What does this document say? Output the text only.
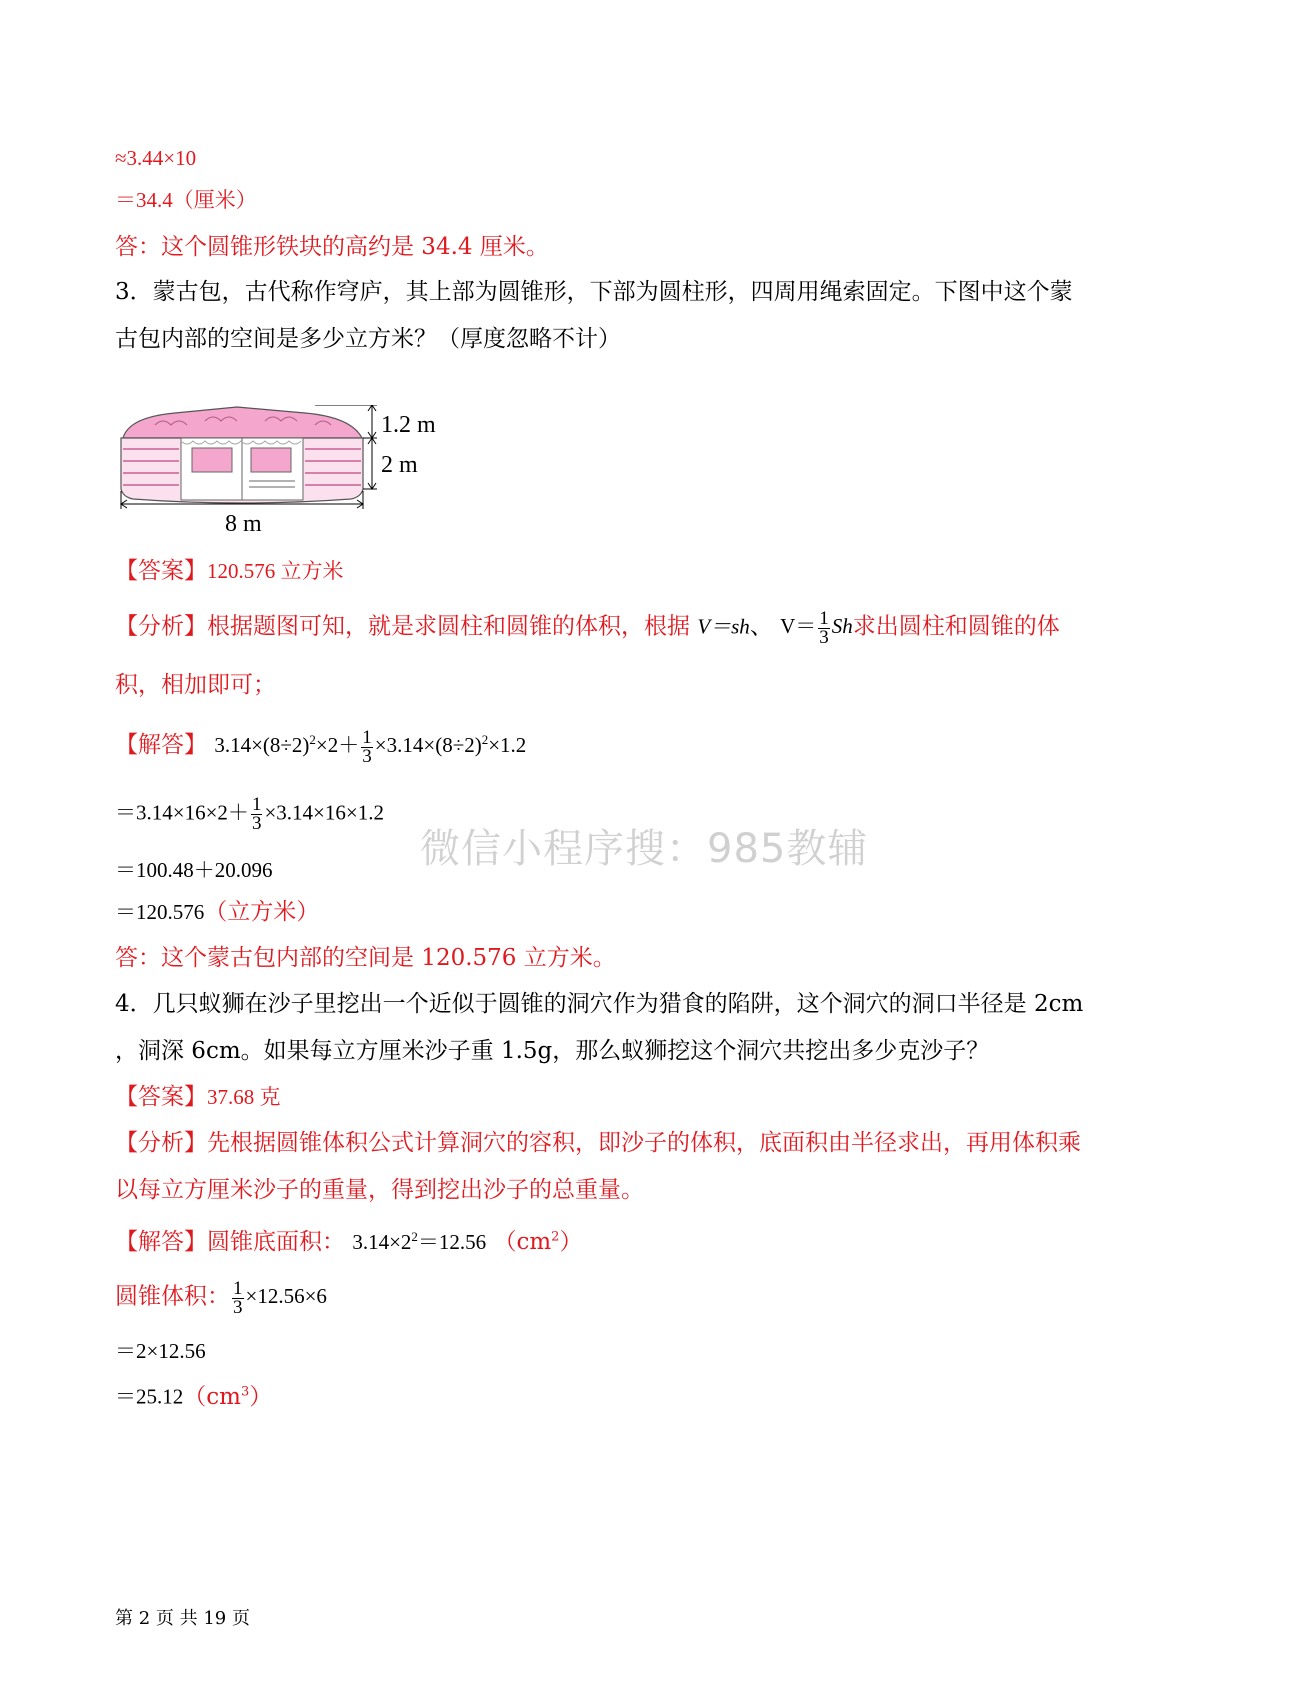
≈3.44×10
＝34.4（厘米）
答：这个圆锥形铁块的高约是 34.4 厘米。
3．蒙古包，古代称作穹庐，其上部为圆锥形，下部为圆柱形，四周用绳索固定。下图中这个蒙
古包内部的空间是多少立方米？（厚度忽略不计）
1.2 m
2 m
8 m
【答案】120.576 立方米
【分析】根据题图可知，就是求圆柱和圆锥的体积，根据 V＝sh、 $V= \frac{1}{3}$ Sh求出圆柱和圆锥的体
积，相加即可；
【解答】 $3.14\times(8\div 2)^2\times 2+ \frac{1}{3} \times 3.14\times(8\div 2)^2\times 1.2$
$=3.14\times 16\times 2+ \frac{1}{3} \times 3.14\times 16\times 1.2$
＝100.48＋20.096
＝120.576（立方米）
答：这个蒙古包内部的空间是 120.576 立方米。
4．几只蚁狮在沙子里挖出一个近似于圆锥的洞穴作为猎食的陷阱，这个洞穴的洞口半径是 2cm
，洞深 6cm。如果每立方厘米沙子重 1.5g，那么蚁狮挖这个洞穴共挖出多少克沙子？
【答案】37.68 克
【分析】先根据圆锥体积公式计算洞穴的容积，即沙子的体积，底面积由半径求出，再用体积乘
以每立方厘米沙子的重量，得到挖出沙子的总重量。
【解答】圆锥底面积： $3.14\times 2^2=12.56$ $(cm^2)$
圆锥体积： $\frac{1}{3} \times 12.56\times 6$
＝2×12.56
$=25.12(cm^3)$
微信小程序搜：985教辅
第 2 页 共 19 页
